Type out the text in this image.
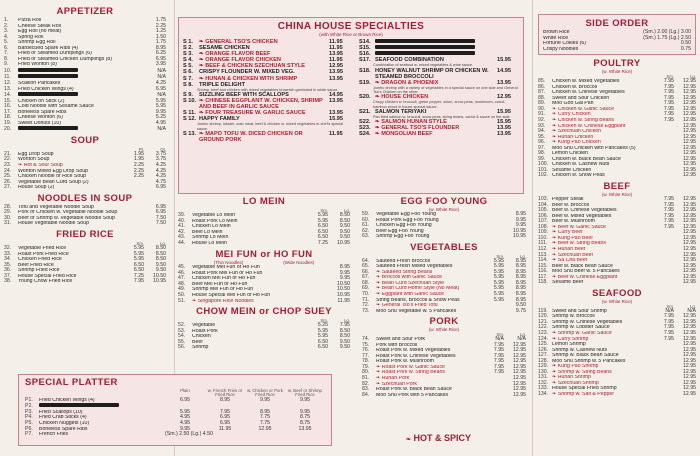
APPETIZER
1.	Pizza Roll	1.75
2.	Cheese Steak Roll	2.25
3.	Egg Roll (no meat)	1.25
4.	Spring Roll	1.50
5.	Shrimp Egg Roll	1.75
6.	Barbecued Spare Ribs (4)	8.95
7.	Fried or Steamed Dumplings (6)	6.25
8.	Fried or Steamed Chicken Dumplings (8)	6.95
9.	Fried Wonton (8)	3.95
10.	N/A
11.	N/A
12.	Scallion Pancakes	4.25
13.	Fried Chicken Wings (4)	6.95
14.	N/A
15.	Chicken on Stick (2)	5.95
16.	Cold Noodle with Sesame Sauce	5.95
17.	Boneless Spare Ribs	9.95
18.	Cheese Wonton (6)	5.25
19.	Sweet Donuts (10)	4.95
20.	N/A
SOUP
Pt.	Qt.
21.	Egg Drop Soup	1.95	3.75
22.	Wonton Soup	1.95	3.75
23.	❧ Hot & Sour Soup	2.25	4.25
24.	Wonton Mixed Egg Drop Soup	2.25	4.25
25.	Chicken Noodle or Rice Soup	2.25	4.25
26.	Vegetable Bean Curd Soup (2)	4.75
27.	House Soup (2)	6.95
NOODLES IN SOUP
28.	Tofu and Vegetable Noodle Soup	6.95
29.	Pork or Chicken w. Vegetable Noodle Soup	6.95
30.	Beef or Shrimp w. Vegetable Noodle Soup	7.50
31.	House Vegetable Noodle Soup	7.50
FRIED RICE
Sm.	Lg.
32.	Vegetable Fried Rice	5.95	8.50
33.	Roast Pork Fried Rice	5.95	8.50
34.	Chicken Fried Rice	5.95	8.50
35.	Beef Fried Rice	6.50	9.50
36.	Shrimp Fried Rice	6.50	9.50
37.	House Special Fried Rice	7.25	10.50
38.	Young Chow Fried Rice	7.95	10.95
SPECIAL PLATTER
Plain	w. French Fries or Fried Rice
w. Chicken or Pork Fried Rice
w. Beef or Shrimp Fried Rice
P1.	Fried Chicken Wings (4)	6.95	8.95	9.95	9.95
P2.
P3.	Fried Scallops (10)	5.95	7.95	8.95	9.95
P4.	Fried Crab Sticks (4)	4.95	6.95	7.75	8.75
P5.	Chicken Nuggets (10)	4.95	6.95	7.75	8.75
P6.	Boneless Spare Ribs	9.95	11.95	12.95	13.95
P7.	French Fries	(Sm.) 2.50 (Lg.) 4.50
CHINA HOUSE SPECIALTIES
(with White Rice or Brown Rice)
S 1.	❧ GENERAL TSO'S CHICKEN	11.95
S 2.	SESAME CHICKEN	11.95
S 3.	❧ ORANGE FLAVOR BEEF	13.95
S 4.	❧ ORANGE FLAVOR CHICKEN	11.95
S 5.	❧ BEEF & CHICKEN SZECHUAN STYLE	12.95
S 6.	CRISPY FLOUNDER W. MIXED VEG.	13.95
S 7.	❧ HUNAN & CHICKEN WITH SHRIMP	13.95
S 8.	TRIPLE DELIGHT
Shrimp, beef and chicken with mixed vegetables brownish garnished in white sauce.
S 9.	SIZZLING BEEF WITH SCALLOPS	14.95
S 10. ❧ CHINESE EGGPLANT W. CHICKEN, SHRIMP AND BEEF IN GARLIC SAUCE
13.95
S 11. ❧ FOUR TREASURE W. GARLIC SAUCE	13.95
S 12. HAPPY FAMILY	15.95
Jumbo shrimp, lobster, crab meat, beef & chicken w. mixed vegetables in chef's special sauce.
S 13. ❧ MAPO TOFU W. DICED CHICKEN OR GROUND PORK
11.95
S14.
S15.
S16.
S17. SEAFOOD COMBINATION	15.95
Combination of seafood w. mixed vegetables & wine sauce.
S18. HONEY WALNUT SHRIMP OR CHICKEN W. STEAMED BROCCOLI
14.95
S19. ❧ DRAGON & PHOENIX	13.95
Jumbo shrimp with a variety of vegetables in a special sauce on one side and General Tso's Chicken on the other.
S20. ❧ HOUSE CHICKEN	12.95
Crispy chicken w. broccoli, green pepper, onion, snow peas, mushroom, carrot, bamboo shoot in house special sauce.
S21. SALMON TERIYAKI	15.95
Pan fried salmon w. broccoli, snow peas, string beans, carrot & sauce on the side.
S22. ❧ SALMON HUNAN STYLE	15.95
S23. ❧ GENERAL TSO'S FLOUNDER	13.95
S24. ❧ MONGOLIAN BEEF	13.95
LO MEIN
Sm.	Lg.
39.	Vegetable Lo Mein	5.95	8.50
40.	Roast Pork Lo Mein	5.95	8.50
41.	Chicken Lo Mein	6.50	9.50
42.	Beef Lo Mein	6.50	9.50
43.	Shrimp Lo Mein	6.50	9.50
44.	House Lo Mein	7.25	10.95
MEI FUN or HO FUN
(Thin Noodles)	(Wide Noodles)
45.	Vegetable Mei Fun or Ho Fun	8.95
46.	Roast Pork Mei Fun or Ho Fun	9.95
47.	Chicken Mei Fun or Ho Fun	9.95
48.	Beef Mei Fun or Ho Fun	10.50
49.	Shrimp Mei Fun or Ho Fun	10.50
50.	House Special Mei Fun or Ho Fun	10.95
51.	❧ Singapore Rice Noodles	11.95
CHOW MEIN or CHOP SUEY
Sm.	Lg.
52.	Vegetable	5.25	7.95
53.	Roast Pork	5.95	8.50
54.	Chicken	5.95	8.50
55.	Beef	6.50	9.50
56.	Shrimp	6.50	9.50
EGG FOO YOUNG
(w. White Rice)
59.	Vegetable Egg Foo Young	8.95
60.	Roast Pork Egg Foo Young	9.95
61.	Chicken Egg Foo Young	9.95
62.	Beef Egg Foo Young	10.95
63.	Shrimp Egg Foo Young	10.95
VEGETABLES
Sm.	Lg.
64.	Sauteed Fresh Broccoli	5.95	8.95
65.	Sauteed Fresh Mixed Vegetables	5.95	8.95
66.	❧ Sauteed String Beans	5.95	8.95
67.	❧ Broccoli with Garlic Sauce	5.95	8.95
68.	❧ Bean Curd Szechuan Style	5.95	8.95
69.	❧ Bean Curd Home Style (No Meat)	5.95	8.95
70.	❧ Eggplant with Garlic Sauce	5.95	8.95
71.	String Beans, Broccoli & Snow Peas	5.95	8.95
72.	❧ General Tso's Fried Tofu	9.50
73.	Moo Shu Vegetable w. 5 Pancakes	9.75
PORK
(w. White Rice)
Sm.	Lg.
74.	Sweet and Sour Pork	N/A	N/A
75.	Pork with Broccoli	7.95	12.95
76.	Roast Pork w. Mixed Vegetables	7.95	12.95
77.	Roast Pork w. Chinese Vegetables	7.95	12.95
78.	Roast Pork w. Mushroom	7.95	12.95
79.	❧ Roast Pork w. Garlic Sauce	7.95	12.95
80.	❧ Roast Pork w. String Beans	7.95	12.95
81.	❧ Hunan Pork	12.95
82.	❧ Szechuan Pork	12.95
83.	Roast Pork w. Black Bean Sauce	12.95
84.	Moo Shu Pork with 5 Pancakes	12.95
❧ HOT & SPICY
SIDE ORDER
Brown Rice	(Sm.) 2.00 (Lg.) 3.00
White Rice	(Sm.) 1.75 (Lg.) 2.50
Fortune Cokies (6)	0.50
Crispy Noodles	0.75
POULTRY
(w. White Rice)
Sm.	Lg.
85.	Chicken w. Mixed Vegetables	7.95	12.95
86.	Chicken w. Broccoli	7.95	12.95
87.	Chicken w. Chinese Vegetables	7.95	12.95
88.	Sweet and Sour Chicken	7.95	12.95
89.	Moo Goo Gai Pan	7.95	12.95
90.	❧ Chicken w. Garlic Sauce	7.95	12.95
91.	❧ Curry Chicken	7.95	12.95
92.	❧ Chicken w. String Beans	7.95	12.95
93.	❧ Chicken w. Chinese Eggplant	12.95
94.	❧ Szechuan Chicken	12.95
95.	❧ Hunan Chicken	12.95
96.	❧ Kung Pao Chicken	12.95
97.	Moo Shu Chicken with Pancakes (5)	12.95
98.	Lemon Chicken	12.95
99.	Chicken w. Black Bean Sauce	12.95
100. Chicken w. Cashew Nuts	12.95
101. Sesame Chicken	12.95
102. Chicken w. Snow Peas	12.95
BEEF
(w. White Rice)
103. Pepper Steak	7.95	12.95
104. Beef w. Broccoli	7.95	12.95
105. Beef w. Chinese Vegetables	7.95	12.95
106. Beef w. Mixed Vegetables	7.95	12.95
107. Beef w. Mushroom	7.95	12.95
108. ❧ Beef w. Garlic Sauce	7.95	12.95
109. ❧ Curry Beef	12.95
110. ❧ Kung Pao Beef	12.95
111. ❧ Beef w. String Beans	12.95
112. ❧ Hunan Beef	12.95
113. ❧ Szechuan Beef	12.95
114. ❧ Sa Cha Beef	12.95
115. Beef w. Black Bean Sauce	12.95
116. Moo Shu Beef w. 5 Pancakes	12.95
117. ❧ Beef w. Chinese Eggplant	12.95
118. Sesame Beef	12.95
SEAFOOD
(w. White Rice)
Sm.	Lg.
119. Sweet and Sour Shrimp	N/A	N/A
120. Shrimp w. Broccoli	7.95	12.95
121. Shrimp w. Chinese Vegetables	7.95	12.95
122. Shrimp w. Lobster Sauce	7.95	12.95
123. ❧ Shrimp w. Garlic Sauce	7.95	12.95
124. ❧ Curry Shrimp	7.95	12.95
125. Lemon Shrimp	12.95
126. Shrimp w. Cashew Nuts	12.95
127. Shrimp w. Black Bean Sauce	12.95
128. Moo Shu Shrimp w. 5 Pancakes	12.95
129. ❧ Kung Pao Shrimp	12.95
130. ❧ Shrimp w. String Beans	12.95
131. ❧ Hunan Shrimp	12.95
132. ❧ Szechuan Shrimp	12.95
133. House Special Fried Shrimp	12.95
134. ❧ Shrimp w. Salt & Pepper	12.95
